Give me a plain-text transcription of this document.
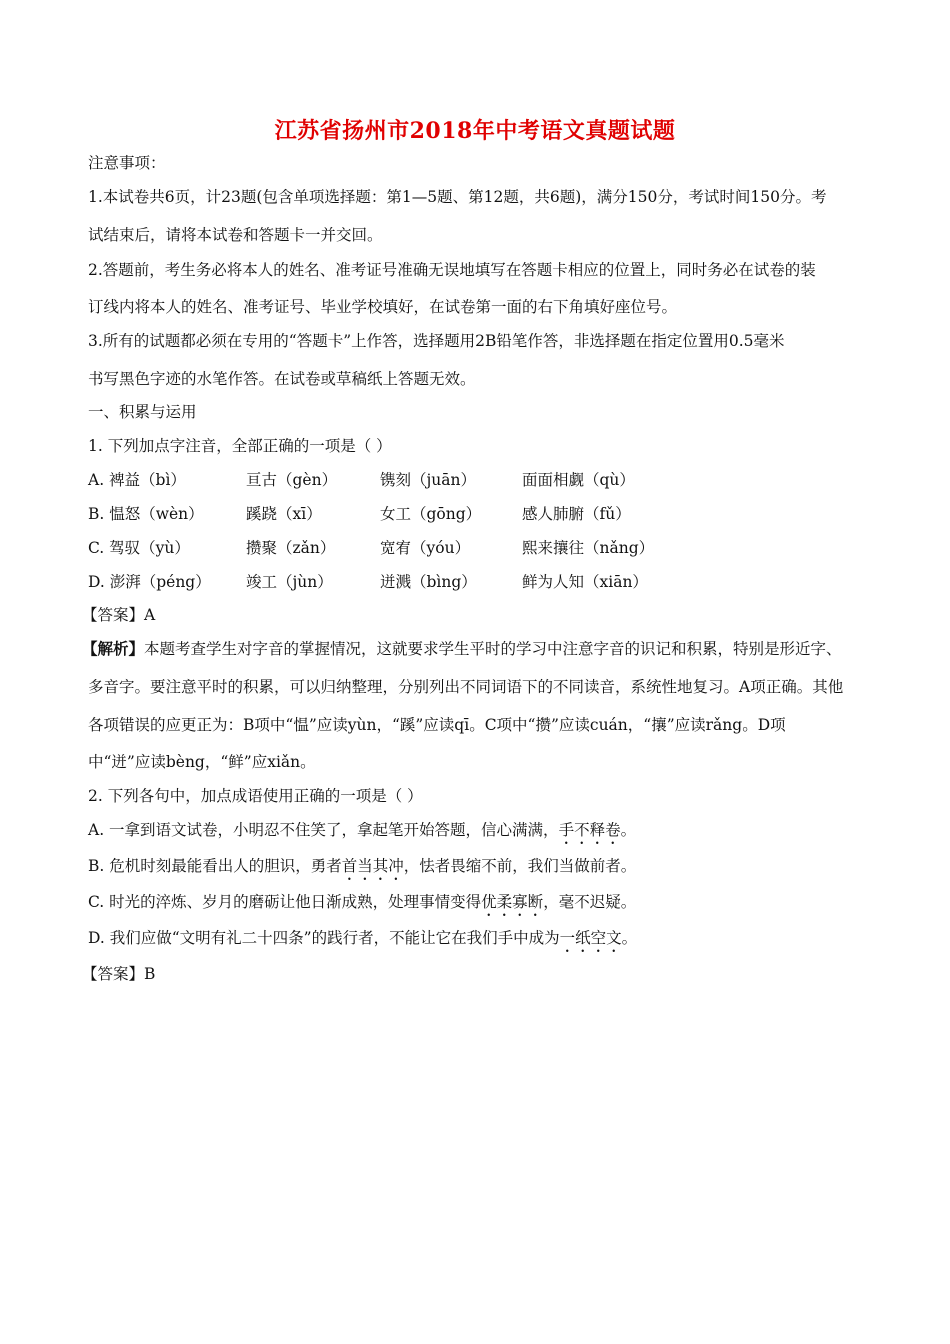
江苏省扬州市2018年中考语文真题试题
注意事项：
1.本试卷共6页，计23题(包含单项选择题：第1—5题、第12题，共6题)，满分150分，考试时间150分。考
试结束后，请将本试卷和答题卡一并交回。
2.答题前，考生务必将本人的姓名、准考证号准确无误地填写在答题卡相应的位置上，同时务必在试卷的装
订线内将本人的姓名、准考证号、毕业学校填好，在试卷第一面的右下角填好座位号。
3.所有的试题都必须在专用的“答题卡”上作答，选择题用2B铅笔作答，非选择题在指定位置用0.5毫米
书写黑色字迹的水笔作答。在试卷或草稿纸上答题无效。
一、积累与运用
1. 下列加点字注音，全部正确的一项是（ ）
A. 裨益（bì）	亘古（gèn）	镌刻（juān）	面面相觑（qù）
B. 愠怒（wèn）	蹊跷（xī）	女工（gōng）	感人肺腑（fǔ）
C. 驾驭（yù）	攒聚（zǎn）	宽宥（yóu）	熙来攘往（nǎng）
D. 澎湃（péng） 竣工（jùn）	迸溅（bìng）	鲜为人知（xiān）
【答案】A
【解析】本题考查学生对字音的掌握情况，这就要求学生平时的学习中注意字音的识记和积累，特别是形近字、
多音字。要注意平时的积累，可以归纳整理，分别列出不同词语下的不同读音，系统性地复习。A项正确。其他
各项错误的应更正为：B项中“愠”应读yùn，“蹊”应读qī。C项中“攒”应读cuán，“攘”应读rǎng。D项
中“迸”应读bèng，“鲜”应xiǎn。
2. 下列各句中，加点成语使用正确的一项是（ ）
A. 一拿到语文试卷，小明忍不住笑了，拿起笔开始答题，信心满满，手不释卷。
B. 危机时刻最能看出人的胆识，勇者首当其冲，怯者畏缩不前，我们当做前者。
C. 时光的淬炼、岁月的磨砺让他日渐成熟，处理事情变得优柔寡断，毫不迟疑。
D. 我们应做“文明有礼二十四条”的践行者，不能让它在我们手中成为一纸空文。
【答案】B
